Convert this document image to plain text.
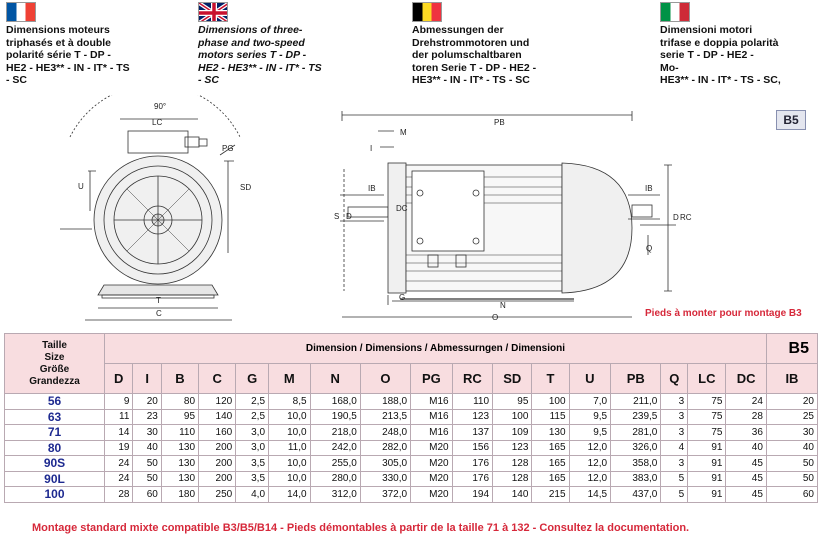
Dimensions moteurs
triphasés et à double
polarité série T - DP -
HE2 - HE3** - IN - IT* - TS
- SC

Dimensions of three-
phase and two-speed
motors series T - DP -
HE2 - HE3** - IN - IT* - TS
- SC

Abmessungen der
Drehstrommotoren und
der polumschaltbaren
toren Serie T - DP - HE2 -
HE3** - IN - IT* - TS - SC

Dimensioni motori
trifase e doppia polarità
serie T - DP - HE2 -
Mo-
HE3** - IN - IT* - TS - SC,

90°
LC
PG
SD
U
T
C
M
I
IB
DC
S D
G
N
O
PB
IB
D RC
Q
B5
Pieds à monter pour montage B3
Taille
Size
Größe
Grandezza	Dimension / Dimensions / Abmessurngen / Dimensioni																	B5
	D	I	B	C	G	M	N	O	PG	RC	SD	T	U	PB	Q	LC	DC	IB
56	9	20	80	120	2,5	8,5	168,0	188,0	M16	110	95	100	7,0	211,0	3	75	24	20
63	11	23	95	140	2,5	10,0	190,5	213,5	M16	123	100	115	9,5	239,5	3	75	28	25
71	14	30	110	160	3,0	10,0	218,0	248,0	M16	137	109	130	9,5	281,0	3	75	36	30
80	19	40	130	200	3,0	11,0	242,0	282,0	M20	156	123	165	12,0	326,0	4	91	40	40
90S	24	50	130	200	3,5	10,0	255,0	305,0	M20	176	128	165	12,0	358,0	3	91	45	50
90L	24	50	130	200	3,5	10,0	280,0	330,0	M20	176	128	165	12,0	383,0	5	91	45	50
100	28	60	180	250	4,0	14,0	312,0	372,0	M20	194	140	215	14,5	437,0	5	91	45	60
Montage standard mixte compatible B3/B5/B14 - Pieds démontables à partir de la taille 71 à 132 - Consultez la documentation.
